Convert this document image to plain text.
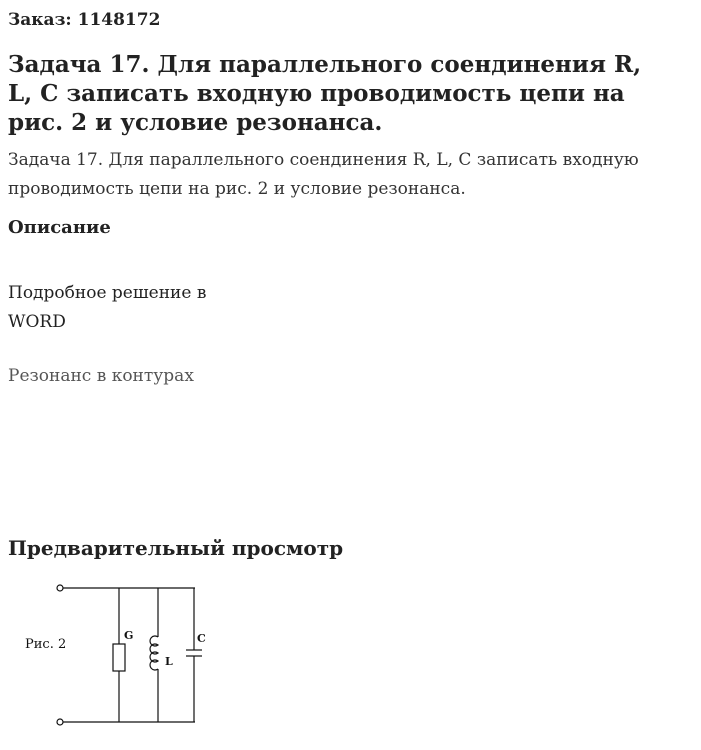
Заказ: 1148172
Задача 17. Для параллельного соендинения R, L, C записать входную проводимость цепи на рис. 2 и условие резонанса.

Задача 17. Для параллельного соендинения R, L, C записать входную проводимость цепи на рис. 2 и условие резонанса.

Описание

Подробное решение в WORD

Резонанс в контурах
Предварительный просмотр
Рис. 2
G
L
C
